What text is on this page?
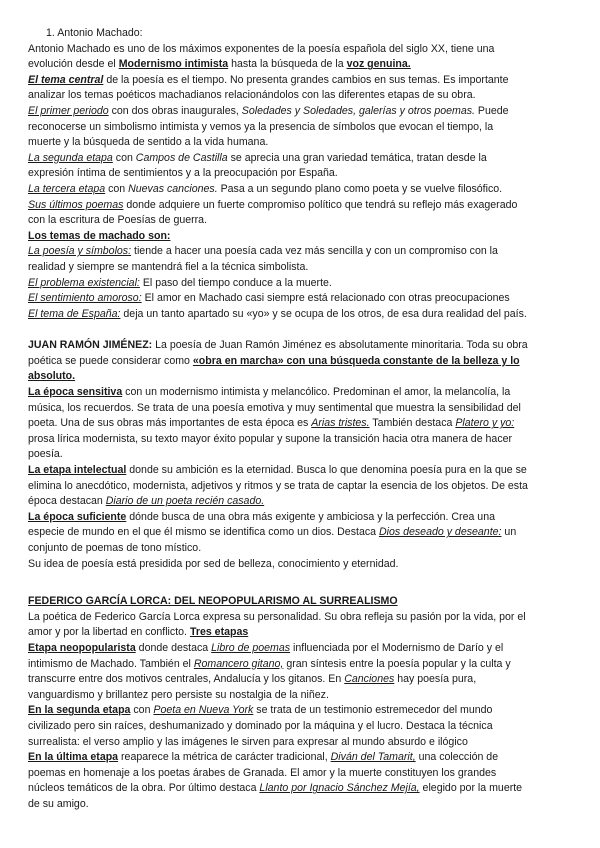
1. Antonio Machado:

Antonio Machado es uno de los máximos exponentes de la poesía española del siglo XX, tiene una evolución desde el Modernismo intimista hasta la búsqueda de la voz genuina.

El tema central de la poesía es el tiempo. No presenta grandes cambios en sus temas. Es importante analizar los temas poéticos machadianos relacionándolos con las diferentes etapas de su obra.

El primer periodo con dos obras inaugurales, Soledades y Soledades, galerías y otros poemas. Puede reconocerse un simbolismo intimista y vemos ya la presencia de símbolos que evocan el tiempo, la muerte y la búsqueda de sentido a la vida humana.

La segunda etapa con Campos de Castilla se aprecia una gran variedad temática, tratan desde la expresión íntima de sentimientos y a la preocupación por España.

La tercera etapa con Nuevas canciones. Pasa a un segundo plano como poeta y se vuelve filosófico.

Sus últimos poemas donde adquiere un fuerte compromiso político que tendrá su reflejo más exagerado con la escritura de Poesías de guerra.

Los temas de machado son:

La poesía y símbolos: tiende a hacer una poesía cada vez más sencilla y con un compromiso con la realidad y siempre se mantendrá fiel a la técnica simbolista.

El problema existencial: El paso del tiempo conduce a la muerte.

El sentimiento amoroso: El amor en Machado casi siempre está relacionado con otras preocupaciones

El tema de España: deja un tanto apartado su «yo» y se ocupa de los otros, de esa dura realidad del país.

JUAN RAMÓN JIMÉNEZ: La poesía de Juan Ramón Jiménez es absolutamente minoritaria. Toda su obra poética se puede considerar como «obra en marcha» con una búsqueda constante de la belleza y lo absoluto.

La época sensitiva con un modernismo intimista y melancólico. Predominan el amor, la melancolía, la música, los recuerdos. Se trata de una poesía emotiva y muy sentimental que muestra la sensibilidad del poeta. Una de sus obras más importantes de esta época es Arias tristes. También destaca Platero y yo: prosa lírica modernista, su texto mayor éxito popular y supone la transición hacia otra manera de hacer poesía.

La etapa intelectual donde su ambición es la eternidad. Busca lo que denomina poesía pura en la que se elimina lo anecdótico, modernista, adjetivos y ritmos y se trata de captar la esencia de los objetos. De esta época destacan Diario de un poeta recién casado.

La época suficiente dónde busca de una obra más exigente y ambiciosa y la perfección. Crea una especie de mundo en el que él mismo se identifica como un dios. Destaca Dios deseado y deseante: un conjunto de poemas de tono místico.

Su idea de poesía está presidida por sed de belleza, conocimiento y eternidad.

FEDERICO GARCÍA LORCA: DEL NEOPOPULARISMO AL SURREALISMO

La poética de Federico García Lorca expresa su personalidad. Su obra refleja su pasión por la vida, por el amor y por la libertad en conflicto. Tres etapas

Etapa neopopularista donde destaca Libro de poemas influenciada por el Modernismo de Darío y el intimismo de Machado. También el Romancero gitano, gran síntesis entre la poesía popular y la culta y transcurre entre dos motivos centrales, Andalucía y los gitanos. En Canciones hay poesía pura, vanguardismo y brillantez pero persiste su nostalgia de la niñez.

En la segunda etapa con Poeta en Nueva York se trata de un testimonio estremecedor del mundo civilizado pero sin raíces, deshumanizado y dominado por la máquina y el lucro. Destaca la técnica surrealista: el verso amplio y las imágenes le sirven para expresar al mundo absurdo e ilógico

En la última etapa reaparece la métrica de carácter tradicional, Diván del Tamarit, una colección de poemas en homenaje a los poetas árabes de Granada. El amor y la muerte constituyen los grandes núcleos temáticos de la obra. Por último destaca Llanto por Ignacio Sánchez Mejía, elegido por la muerte de su amigo.
